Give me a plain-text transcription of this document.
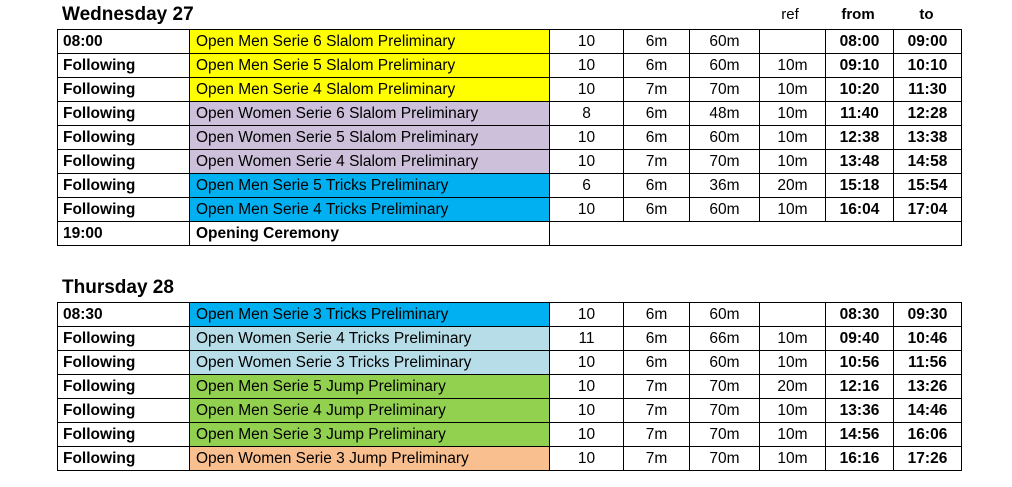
ref	from	to
Wednesday 27
08:00	Open Men Serie 6 Slalom Preliminary	10	6m	60m		08:00	09:00
Following	Open Men Serie 5 Slalom Preliminary	10	6m	60m	10m	09:10	10:10
Following	Open Men Serie 4 Slalom Preliminary	10	7m	70m	10m	10:20	11:30
Following	Open Women Serie 6 Slalom Preliminary	8	6m	48m	10m	11:40	12:28
Following	Open Women Serie 5 Slalom Preliminary	10	6m	60m	10m	12:38	13:38
Following	Open Women Serie 4 Slalom Preliminary	10	7m	70m	10m	13:48	14:58
Following	Open Men Serie 5 Tricks Preliminary	6	6m	36m	20m	15:18	15:54
Following	Open Men Serie 4 Tricks Preliminary	10	6m	60m	10m	16:04	17:04
19:00	Opening Ceremony						
Thursday 28
08:30	Open Men Serie 3 Tricks Preliminary	10	6m	60m		08:30	09:30
Following	Open Women Serie 4 Tricks Preliminary	11	6m	66m	10m	09:40	10:46
Following	Open Women Serie 3 Tricks Preliminary	10	6m	60m	10m	10:56	11:56
Following	Open Men Serie 5 Jump Preliminary	10	7m	70m	20m	12:16	13:26
Following	Open Men Serie 4 Jump Preliminary	10	7m	70m	10m	13:36	14:46
Following	Open Men Serie 3 Jump Preliminary	10	7m	70m	10m	14:56	16:06
Following	Open Women Serie 3 Jump Preliminary	10	7m	70m	10m	16:16	17:26
